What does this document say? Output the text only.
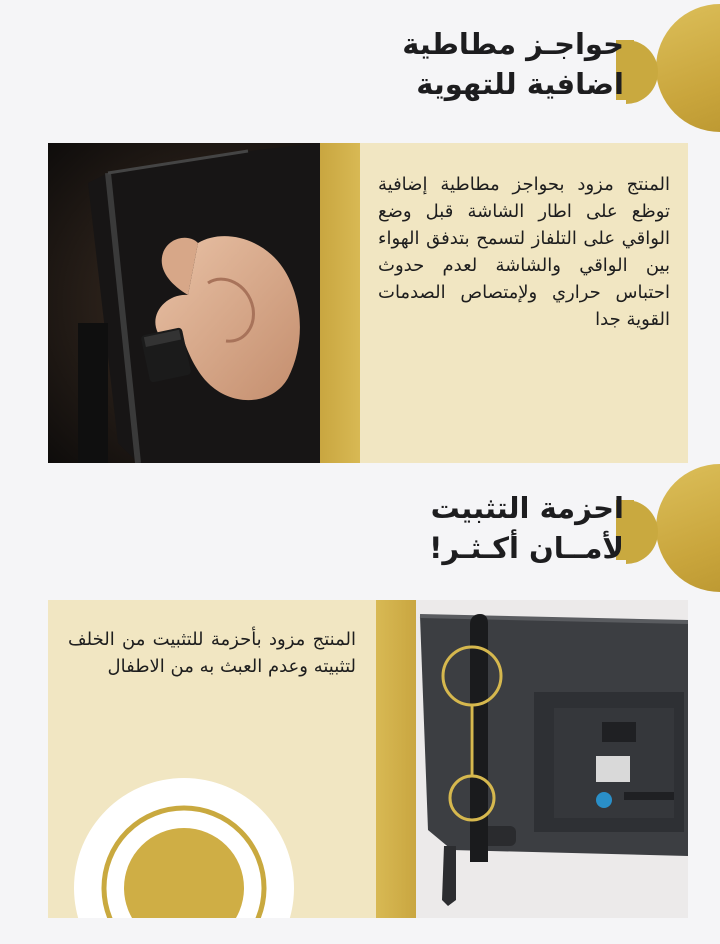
حواجـز مطاطية
اضافية للتهوية

المنتج مزود بحواجز مطاطية إضافية توظع على اطار الشاشة قبل وضع الواقي على التلفاز لتسمح بتدفق الهواء بين الواقي والشاشة لعدم حدوث احتباس حراري ولإمتصاص الصدمات القوية جدا

احزمة التثبيت
لأمــان أكـثـر!

المنتج مزود بأحزمة للتثبيت من الخلف لتثبيته وعدم العبث به من الاطفال
